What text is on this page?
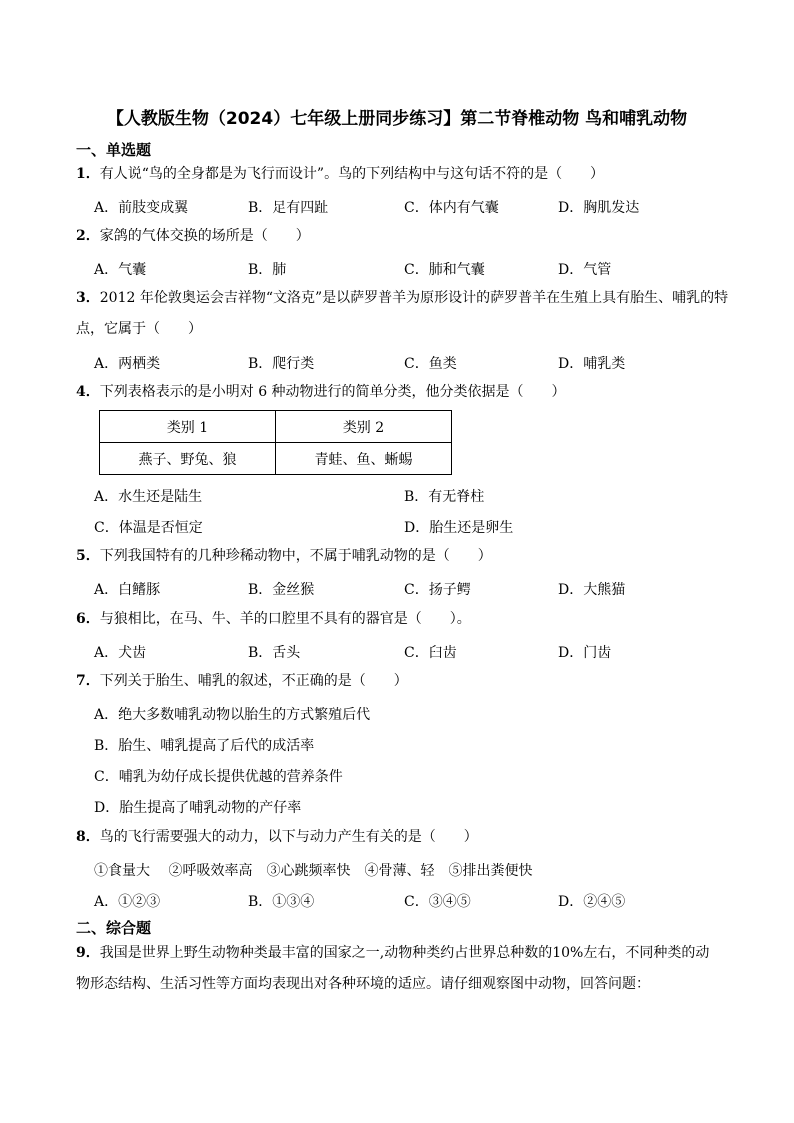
【人教版生物（2024）七年级上册同步练习】第二节脊椎动物 鸟和哺乳动物
一、单选题
1．有人说“鸟的全身都是为飞行而设计”。鸟的下列结构中与这句话不符的是（　　）
A．前肢变成翼	B．足有四趾	C．体内有气囊	D．胸肌发达
2．家鸽的气体交换的场所是（　　）
A．气囊	B．肺	C．肺和气囊	D．气管
3．2012 年伦敦奥运会吉祥物“文洛克”是以萨罗普羊为原形设计的萨罗普羊在生殖上具有胎生、哺乳的特点，它属于（　　）
A．两栖类	B．爬行类	C．鱼类	D．哺乳类
4．下列表格表示的是小明对 6 种动物进行的简单分类，他分类依据是（　　）
类别 1	类别 2
燕子、野兔、狼	青蛙、鱼、蜥蜴
A．水生还是陆生	B．有无脊柱
C．体温是否恒定	D．胎生还是卵生
5．下列我国特有的几种珍稀动物中，不属于哺乳动物的是（　　）
A．白鳍豚	B．金丝猴	C．扬子鳄	D．大熊猫
6．与狼相比，在马、牛、羊的口腔里不具有的器官是（　　）。
A．犬齿	B．舌头	C．臼齿	D．门齿
7．下列关于胎生、哺乳的叙述，不正确的是（　　）
A．绝大多数哺乳动物以胎生的方式繁殖后代
B．胎生、哺乳提高了后代的成活率
C．哺乳为幼仔成长提供优越的营养条件
D．胎生提高了哺乳动物的产仔率
8．鸟的飞行需要强大的动力，以下与动力产生有关的是（　　）
①食量大　 ②呼吸效率高　③心跳频率快　④骨薄、轻　⑤排出粪便快
A．①②③	B．①③④	C．③④⑤	D．②④⑤
二、综合题
9．我国是世界上野生动物种类最丰富的国家之一,动物种类约占世界总种数的10%左右，不同种类的动物形态结构、生活习性等方面均表现出对各种环境的适应。请仔细观察图中动物，回答问题：
